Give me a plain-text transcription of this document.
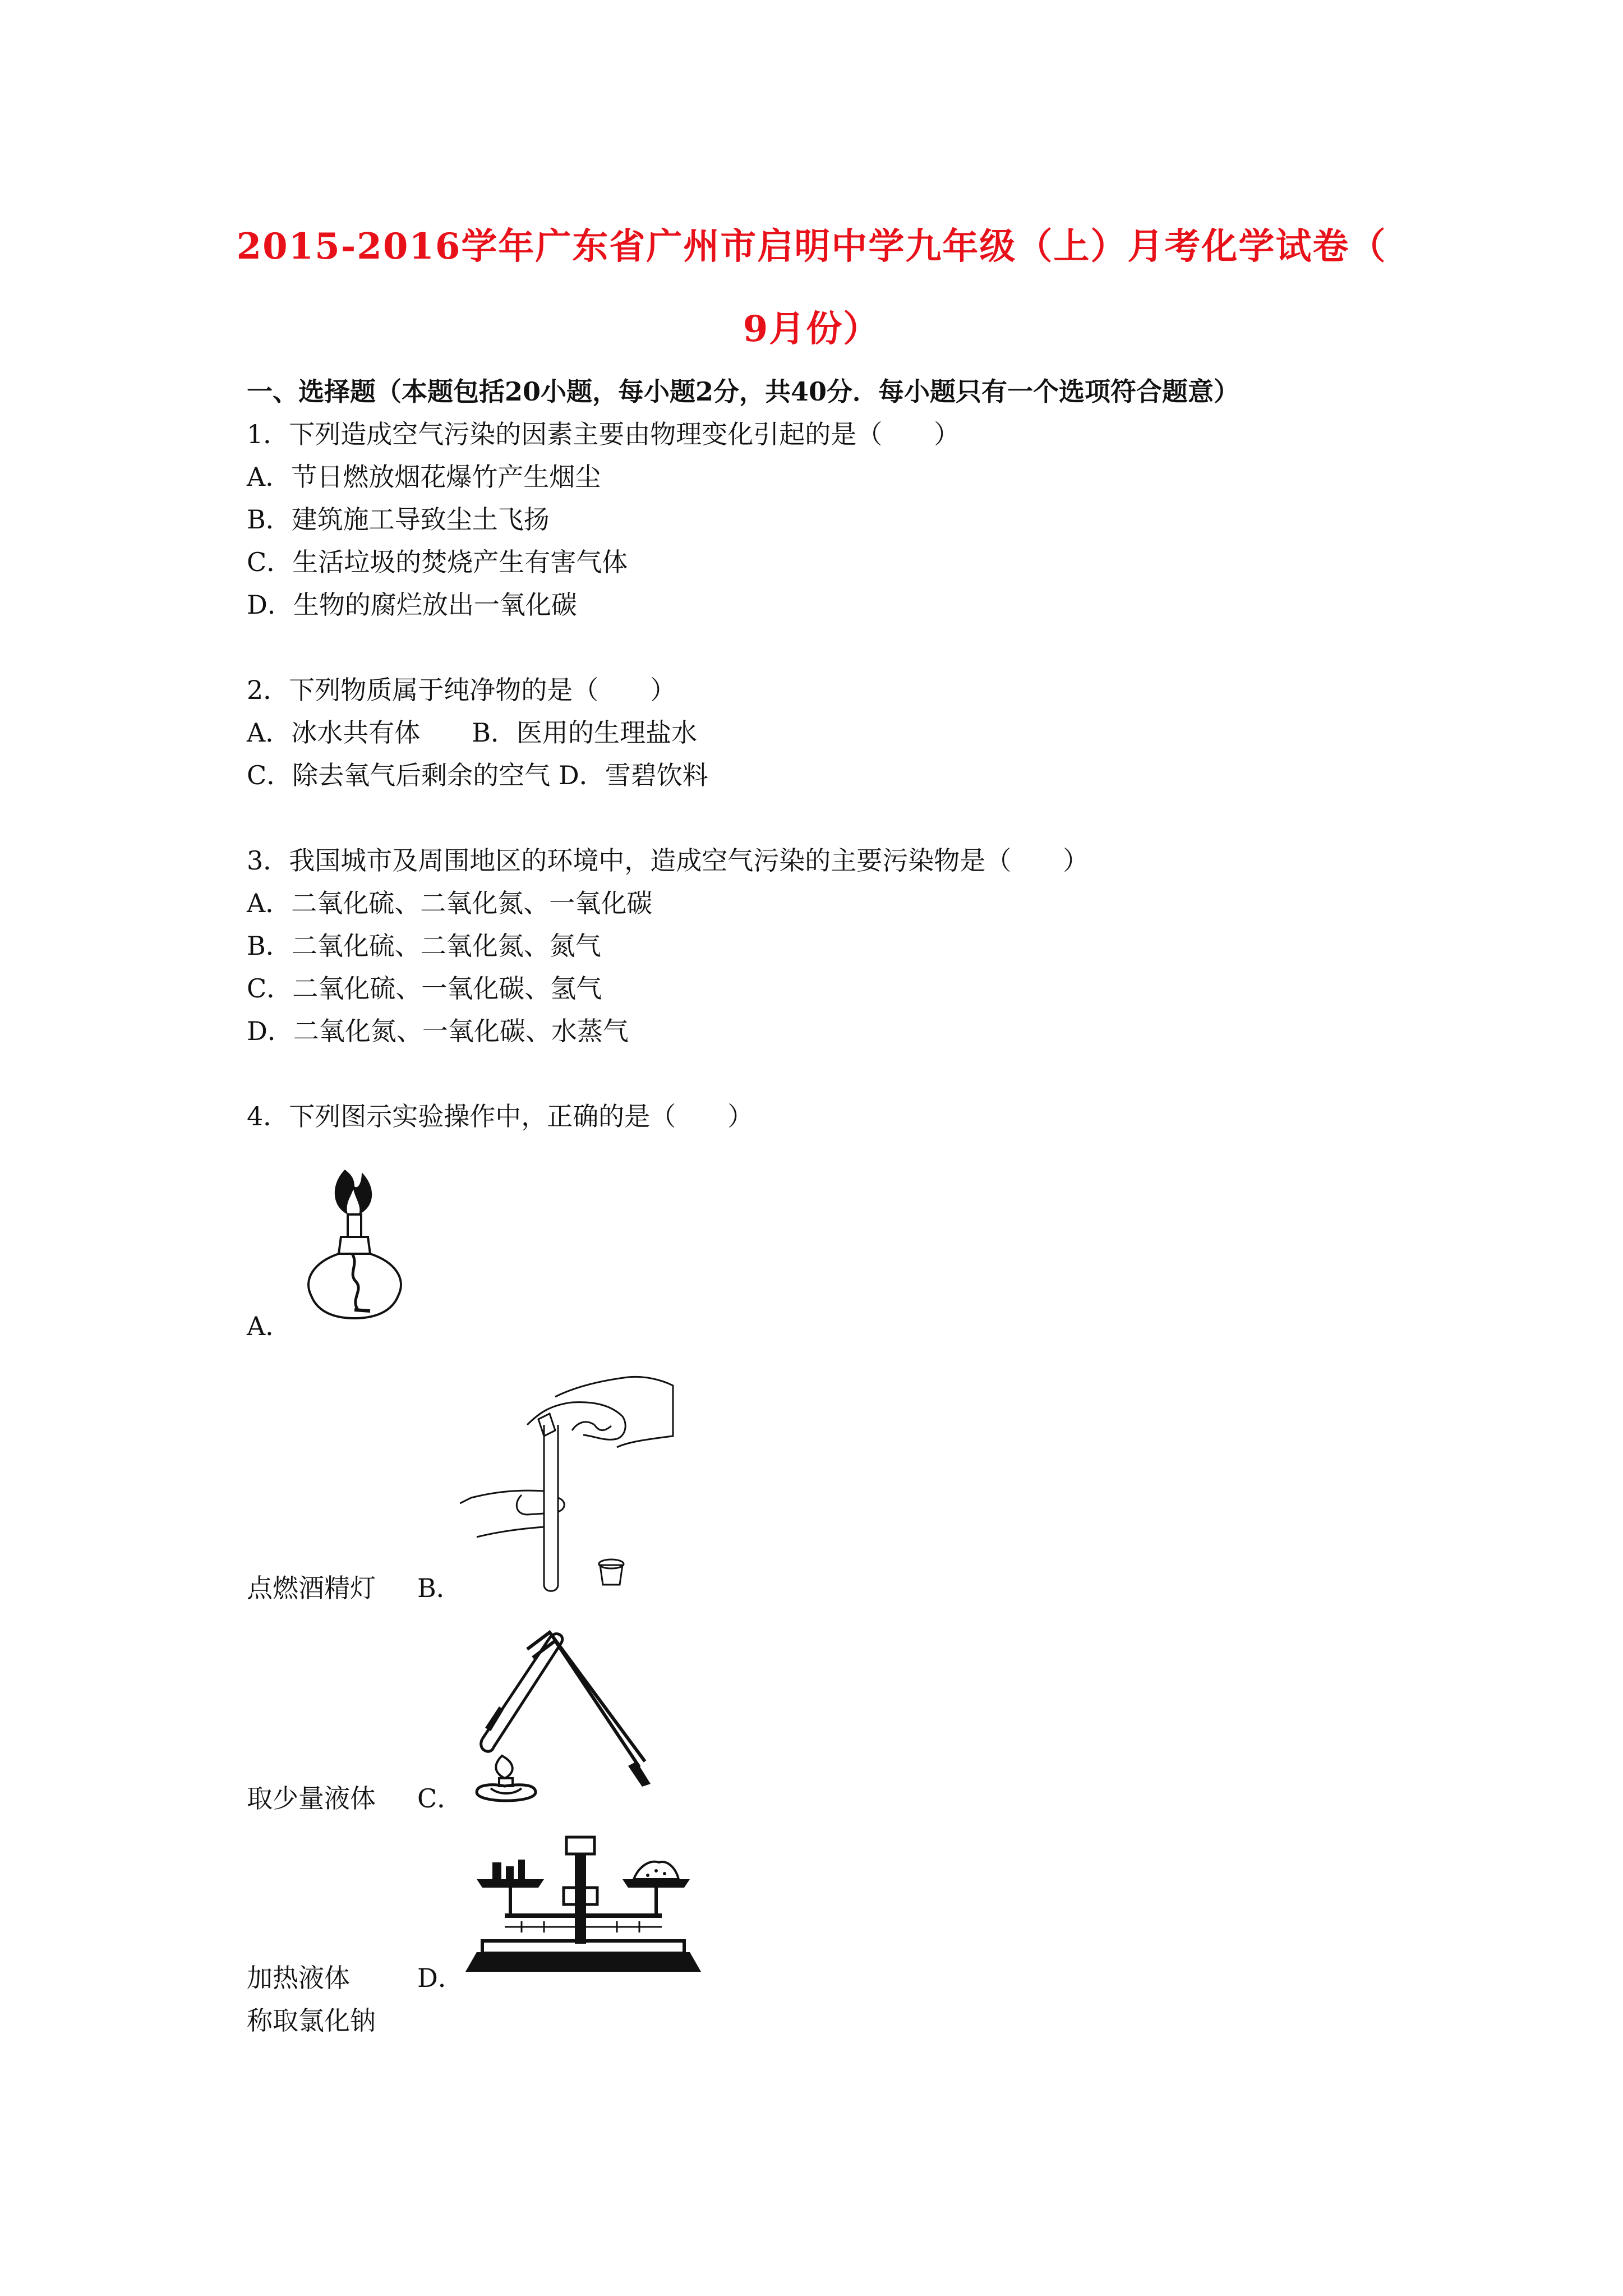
2015-2016学年广东省广州市启明中学九年级（上）月考化学试卷（
9月份）
一、选择题（本题包括20小题，每小题2分，共40分．每小题只有一个选项符合题意）
1．下列造成空气污染的因素主要由物理变化引起的是（　　）
A．节日燃放烟花爆竹产生烟尘
B．建筑施工导致尘土飞扬
C．生活垃圾的焚烧产生有害气体
D．生物的腐烂放出一氧化碳
2．下列物质属于纯净物的是（　　）
A．冰水共有体　　B．医用的生理盐水
C．除去氧气后剩余的空气 D．雪碧饮料
3．我国城市及周围地区的环境中，造成空气污染的主要污染物是（　　）
A．二氧化硫、二氧化氮、一氧化碳
B．二氧化硫、二氧化氮、氮气
C．二氧化硫、一氧化碳、氢气
D．二氧化氮、一氧化碳、水蒸气
4．下列图示实验操作中，正确的是（　　）
A．
点燃酒精灯 B．
取少量液体 C．
加热液体	D．
称取氯化钠
